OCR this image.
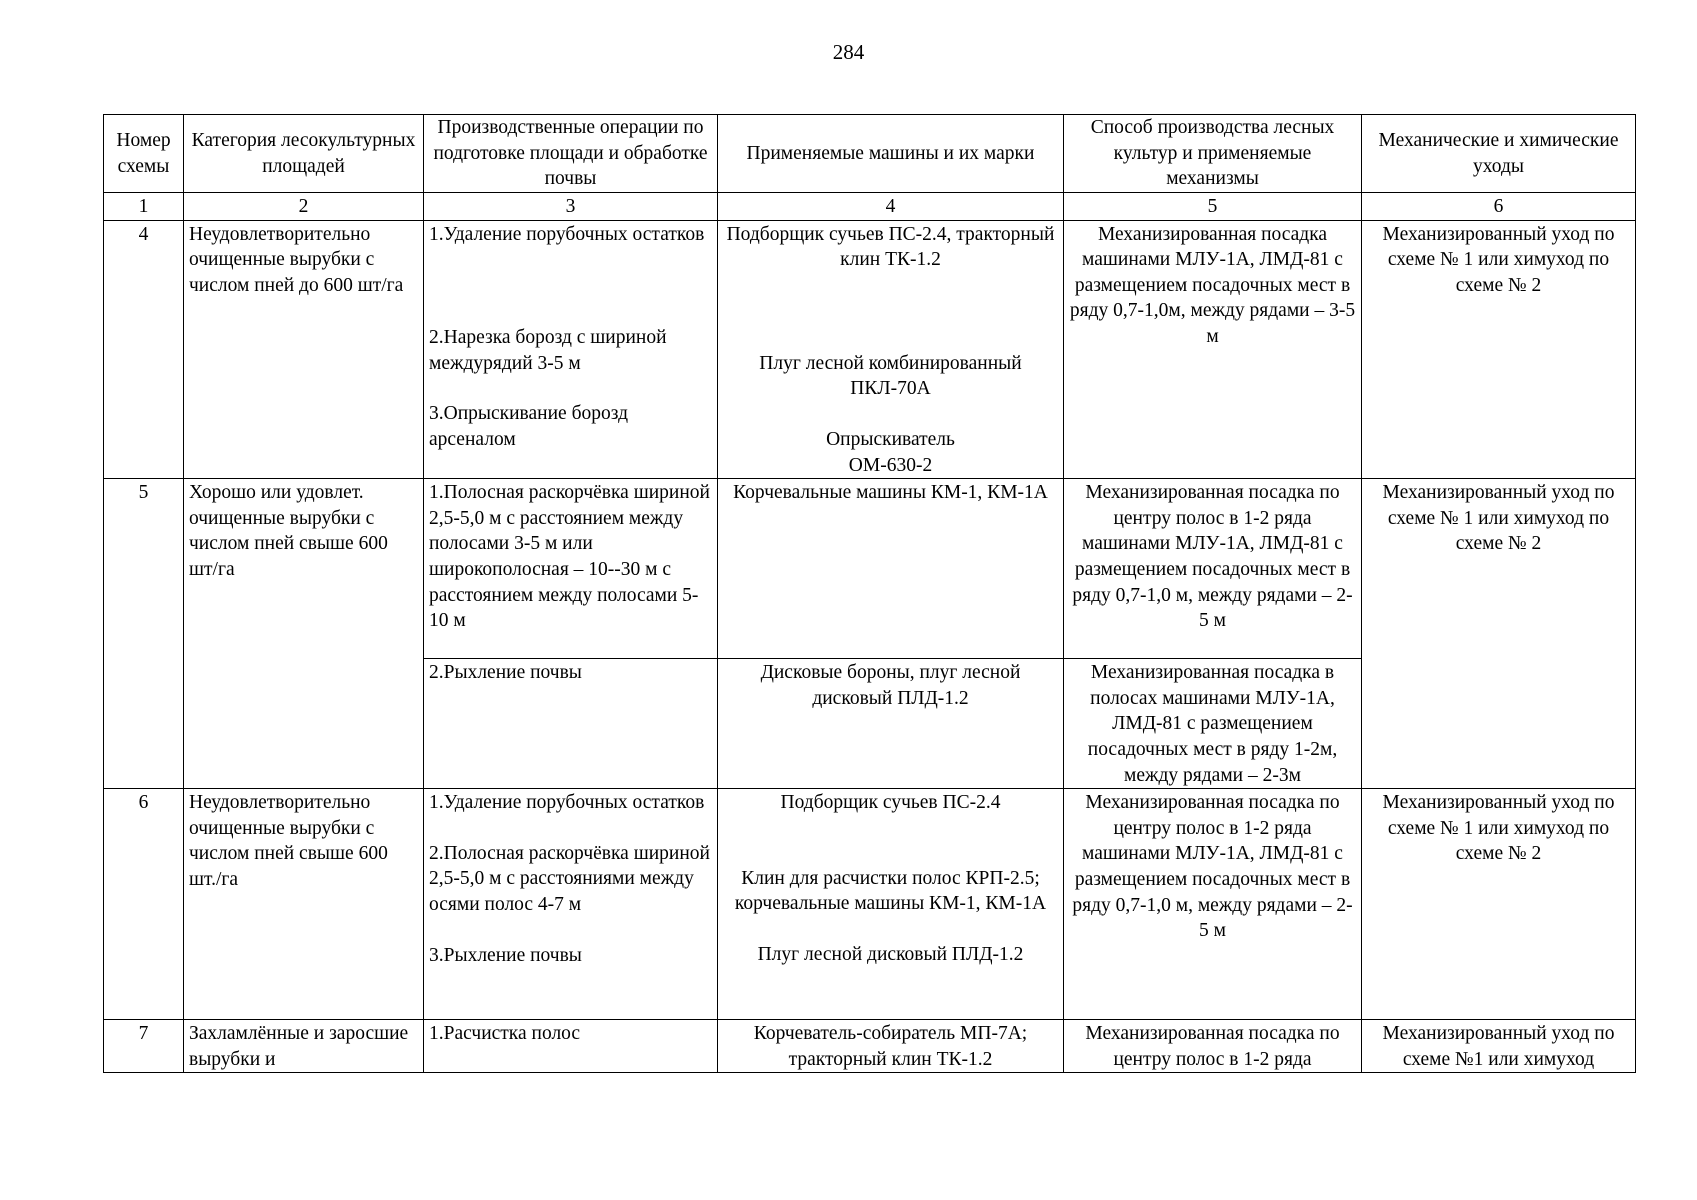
284
Номер схемы	Категория лесокультурных площадей	Производственные операции по подготовке площади и обработке почвы	Применяемые машины и их марки	Способ производства лесных культур и применяемые механизмы	Механические и химические уходы
1	2	3	4	5	6
4	Неудовлетворительно очищенные вырубки с числом пней до 600 шт/га	1.Удаление порубочных остатков
2.Нарезка борозд с шириной междурядий 3-5 м
3.Опрыскивание борозд арсеналом	Подборщик сучьев ПС-2.4, тракторный клин ТК-1.2
Плуг лесной комбинированный ПКЛ-70А
Опрыскиватель
ОМ-630-2	Механизированная посадка машинами МЛУ-1А, ЛМД-81 с размещением посадочных мест в ряду 0,7-1,0м, между рядами – 3-5 м	Механизированный уход по схеме № 1 или химуход по схеме № 2
5	Хорошо или удовлет. очищенные вырубки с числом пней свыше 600 шт/га	1.Полосная раскорчёвка шириной 2,5-5,0 м с расстоянием между полосами 3-5 м или широкополосная – 10--30 м с расстоянием между полосами 5-10 м	Корчевальные машины КМ-1, КМ-1А	Механизированная посадка по центру полос в 1-2 ряда машинами МЛУ-1А, ЛМД-81 с размещением посадочных мест в ряду 0,7-1,0 м, между рядами – 2-5 м	Механизированный уход по схеме № 1 или химуход по схеме № 2
		2.Рыхление почвы	Дисковые бороны, плуг лесной дисковый ПЛД-1.2	Механизированная посадка в полосах машинами МЛУ-1А, ЛМД-81 с размещением посадочных мест в ряду 1-2м, между рядами – 2-3м	
6	Неудовлетворительно очищенные вырубки с числом пней свыше 600 шт./га	1.Удаление порубочных остатков
2.Полосная раскорчёвка шириной 2,5-5,0 м с расстояниями между осями полос 4-7 м
3.Рыхление почвы	Подборщик сучьев ПС-2.4
Клин для расчистки полос КРП-2.5; корчевальные машины КМ-1, КМ-1А
Плуг лесной дисковый ПЛД-1.2	Механизированная посадка по центру полос в 1-2 ряда машинами МЛУ-1А, ЛМД-81 с размещением посадочных мест в ряду 0,7-1,0 м, между рядами – 2-5 м	Механизированный уход по схеме № 1 или химуход по схеме № 2
7	Захламлённые и заросшие вырубки и	1.Расчистка полос	Корчеватель-собиратель МП-7А; тракторный клин ТК-1.2	Механизированная посадка по центру полос в 1-2 ряда	Механизированный уход по схеме №1 или химуход
